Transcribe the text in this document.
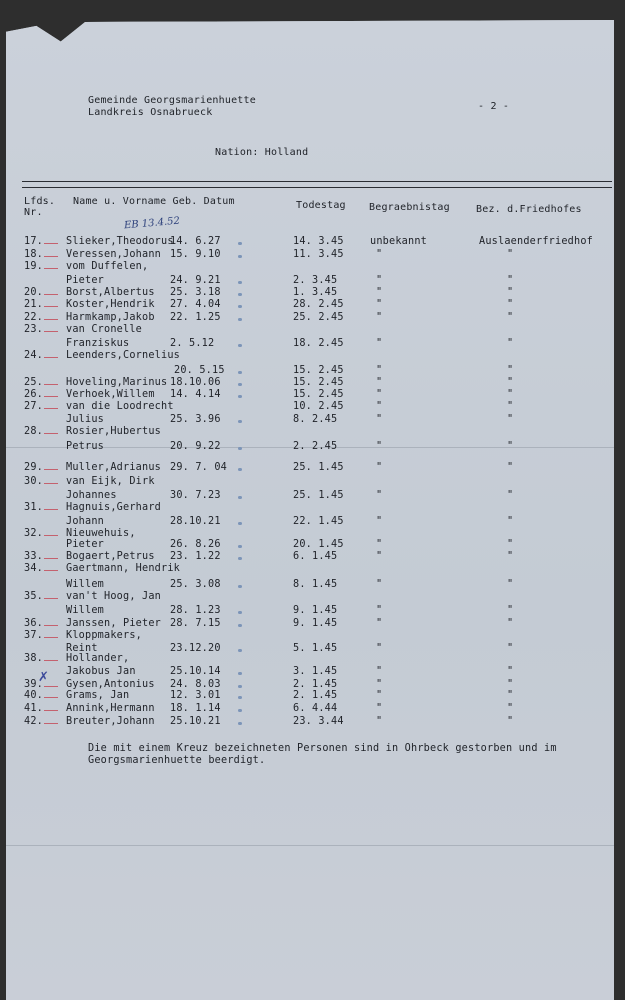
Gemeinde Georgsmarienhuette
Landkreis Osnabrueck
- 2 -
Nation: Holland
Lfds.
Nr.
Name u. Vorname Geb. Datum	Todestag Begraebnistag	Bez. d.Friedhofes
EB 13.4.52
17. Slieker,Theodorus
14. 6.27	14. 3.45	unbekannt	Auslaenderfriedhof
18. Veressen,Johann 15. 9.10	11. 3.45	"	"
19. vom Duffelen,
Pieter	24. 9.21	2. 3.45	"	"
20. Borst,Albertus 25. 3.18	1. 3.45	"	"
21. Koster,Hendrik 27. 4.04	28. 2.45	"	"
22. Harmkamp,Jakob 22. 1.25	25. 2.45	"	"
23. van Cronelle
Franziskus	2. 5.12	18. 2.45	"	"
24. Leenders,Cornelius
20. 5.15	15. 2.45	"	"
25. Hoveling,Marinus 18.10.06	15. 2.45	"	"
26. Verhoek,Willem 14. 4.14	15. 2.45	"	"
27. van die Loodrecht	10. 2.45	"	"
Julius	25. 3.96	8. 2.45	"	"
28. Rosier,Hubertus
Petrus	20. 9.22	2. 2.45	"	"
29. Muller,Adrianus 29. 7. 04	25. 1.45	"	"
30. van Eijk, Dirk
Johannes	30. 7.23	25. 1.45	"	"
31. Hagnuis,Gerhard
Johann	28.10.21	22. 1.45	"	"
32. Nieuwehuis,
Pieter	26. 8.26	20. 1.45	"	"
33. Bogaert,Petrus 23. 1.22	6. 1.45	"	"
34. Gaertmann, Hendrik
Willem	25. 3.08	8. 1.45	"	"
35. van't Hoog, Jan
Willem	28. 1.23	9. 1.45	"	"
36. Janssen, Pieter 28. 7.15	9. 1.45	"	"
37. Kloppmakers,
Reint	23.12.20	5. 1.45	"	"
38. Hollander,
Jakobus Jan	25.10.14	3. 1.45	"	"
39. Gysen,Antonius 24. 8.03	2. 1.45	"	"
40. Grams, Jan	12. 3.01	2. 1.45	"	"
41. Annink,Hermann 18. 1.14	6. 4.44	"	"
42. Breuter,Johann 25.10.21	23. 3.44	"	"
✗
Die mit einem Kreuz bezeichneten Personen sind in Ohrbeck gestorben und im
Georgsmarienhuette beerdigt.
